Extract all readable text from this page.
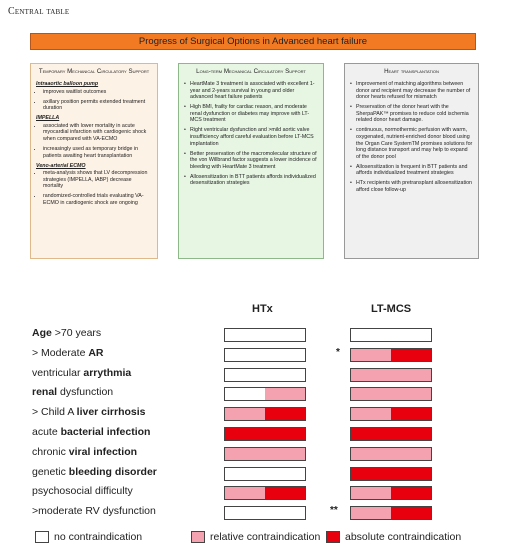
Central table
Progress of Surgical Options in Advanced heart failure
Temporary Mechanical Circulatory Support

Intraaortic balloon pump

• improves waitlist outcomes
• axillary position permits extended treatment duration

IMPELLA

• associated with lower mortality in acute myocardial infarction with cardiogenic shock when compared with VA-ECMO
• increasingly used as temporary bridge in patients awaiting heart transplantation

Veno-arterial ECMO

• meta-analysis shows that LV decompression strategies (IMPELLA, IABP) decrease mortality
• randomized-controlled trials evaluating VA-ECMO in cardiogenic shock are ongoing
Long-term Mechanical Circulatory Support
• HeartMate 3 treatment is associated with excellent 1-year and 2-years survival in young and older advanced heart failure patients
• High BMI, frailty for cardiac reason, and moderate renal dysfunction or diabetes may improve with LT-MCS treatment
• Right ventricular dysfunction and >mild aortic valve insufficiency afford careful evaluation before LT-MCS implantation
• Better preservation of the macromolecular structure of the von Willbrand factor suggests a lower incidence of bleeding with HeartMate 3 treatment
• Allosensitization in BTT patients affords individualized desensitization strategies
Heart transplantation
• Improvement of matching algorithms between donor and recipient may decrease the number of donor hearts refused for mismatch
• Preservation of the donor heart with the SherpaPAK™ promises to reduce cold ischemia related donor heart damage.
• continuous, normothermic perfusion with warm, oxygenated, nutrient-enriched donor blood using the Organ Care SystemTM promises solutions for long distance transport and may help to expand of the donor pool
• Allosensitization is frequent in BTT patients and affords individualized treatment strategies
• HTx recipients with pretransplant allosensitization afford close follow-up
HTx	LT-MCS
Age >70 years
> Moderate AR	*
ventricular arrythmia
renal dysfunction
> Child A liver cirrhosis
acute bacterial infection
chronic viral infection
genetic bleeding disorder
psychosocial difficulty
>moderate RV dysfunction	**
no contraindication	relative contraindication absolute contraindication
